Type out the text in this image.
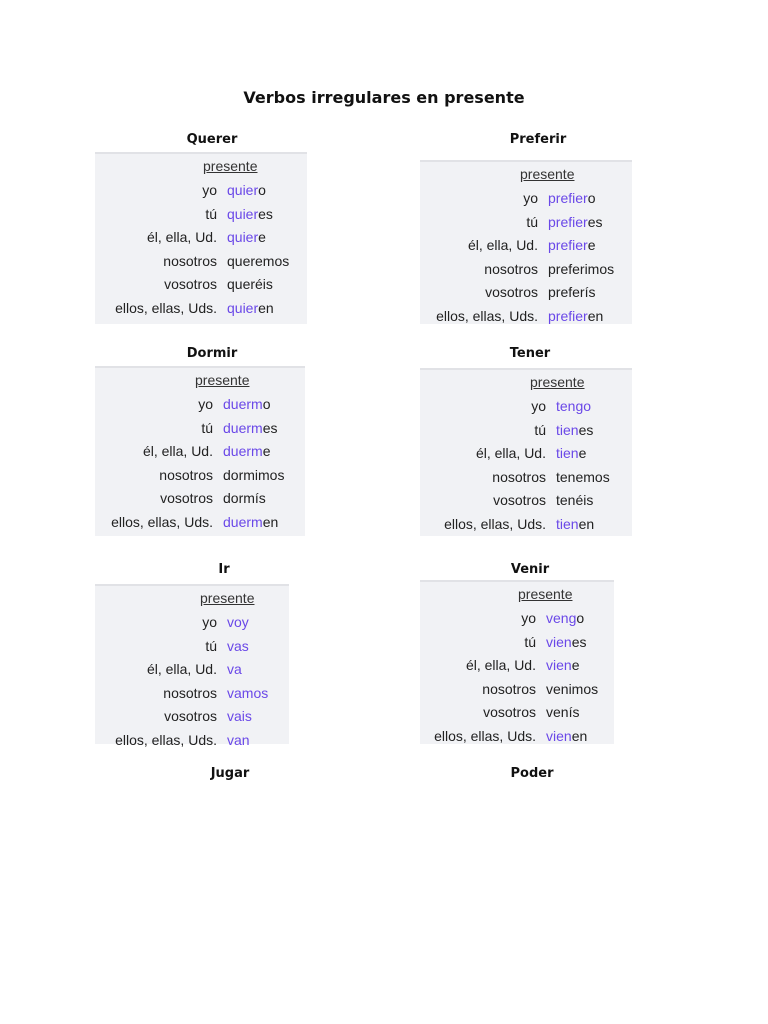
Verbos irregulares en presente
Querer
presente
yo quiero
tú quieres
él, ella, Ud. quiere
nosotros queremos
vosotros queréis
ellos, ellas, Uds. quieren
Preferir
presente
yo prefiero
tú prefieres
él, ella, Ud. prefiere
nosotros preferimos
vosotros preferís
ellos, ellas, Uds. prefieren
Dormir
presente
yo duermo
tú duermes
él, ella, Ud. duerme
nosotros dormimos
vosotros dormís
ellos, ellas, Uds. duermen
Tener
presente
yo tengo
tú tienes
él, ella, Ud. tiene
nosotros tenemos
vosotros tenéis
ellos, ellas, Uds. tienen
Ir
presente
yo voy
tú vas
él, ella, Ud. va
nosotros vamos
vosotros vais
ellos, ellas, Uds. van
Venir
presente
yo vengo
tú vienes
él, ella, Ud. viene
nosotros venimos
vosotros venís
ellos, ellas, Uds. vienen
Jugar	Poder
